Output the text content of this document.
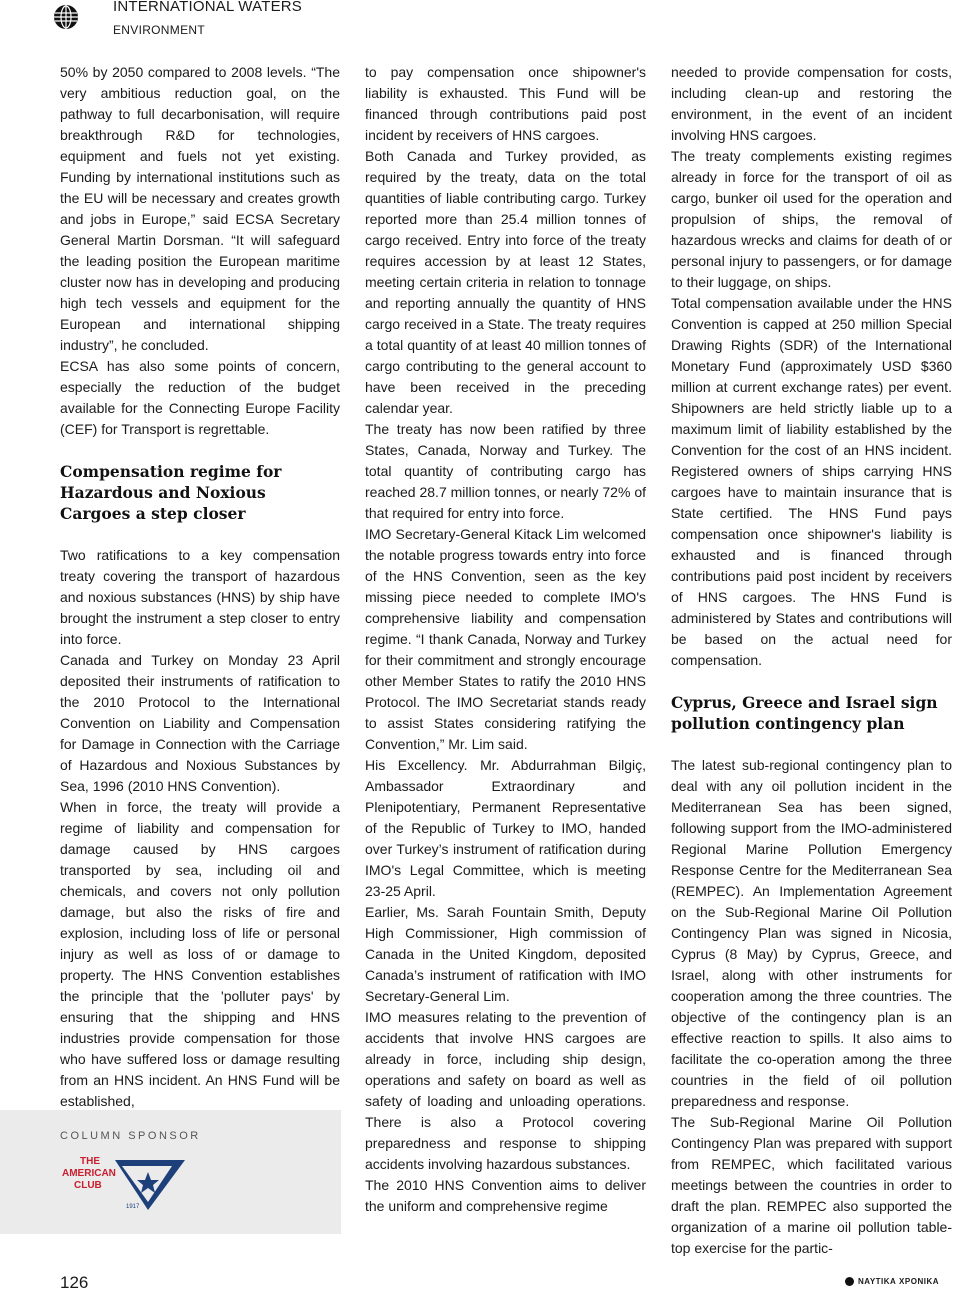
INTERNATIONAL WATERS
ENVIRONMENT

50% by 2050 compared to 2008 levels. “The very ambitious reduction goal, on the pathway to full decarbonisation, will require breakthrough R&D for technologies, equipment and fuels not yet existing. Funding by international institutions such as the EU will be necessary and creates growth and jobs in Europe,” said ECSA Secretary General Martin Dorsman. “It will safeguard the leading position the European maritime cluster now has in developing and producing high tech vessels and equipment for the European and international shipping industry”, he concluded.

ECSA has also some points of concern, especially the reduction of the budget available for the Connecting Europe Facility (CEF) for Transport is regrettable.

Compensation regime for Hazardous and Noxious Cargoes a step closer

Two ratifications to a key compensation treaty covering the transport of hazardous and noxious substances (HNS) by ship have brought the instrument a step closer to entry into force.

Canada and Turkey on Monday 23 April deposited their instruments of ratification to the 2010 Protocol to the International Convention on Liability and Compensation for Damage in Connection with the Carriage of Hazardous and Noxious Substances by Sea, 1996 (2010 HNS Convention).

When in force, the treaty will provide a regime of liability and compensation for damage caused by HNS cargoes transported by sea, including oil and chemicals, and covers not only pollution damage, but also the risks of fire and explosion, including loss of life or personal injury as well as loss of or damage to property. The HNS Convention establishes the principle that the 'polluter pays' by ensuring that the shipping and HNS industries provide compensation for those who have suffered loss or damage resulting from an HNS incident. An HNS Fund will be established,

to pay compensation once shipowner's liability is exhausted. This Fund will be financed through contributions paid post incident by receivers of HNS cargoes.

Both Canada and Turkey provided, as required by the treaty, data on the total quantities of liable contributing cargo. Turkey reported more than 25.4 million tonnes of cargo received. Entry into force of the treaty requires accession by at least 12 States, meeting certain criteria in relation to tonnage and reporting annually the quantity of HNS cargo received in a State. The treaty requires a total quantity of at least 40 million tonnes of cargo contributing to the general account to have been received in the preceding calendar year.

The treaty has now been ratified by three States, Canada, Norway and Turkey. The total quantity of contributing cargo has reached 28.7 million tonnes, or nearly 72% of that required for entry into force.

IMO Secretary-General Kitack Lim welcomed the notable progress towards entry into force of the HNS Convention, seen as the key missing piece needed to complete IMO's comprehensive liability and compensation regime. “I thank Canada, Norway and Turkey for their commitment and strongly encourage other Member States to ratify the 2010 HNS Protocol. The IMO Secretariat stands ready to assist States considering ratifying the Convention,” Mr. Lim said.

His Excellency. Mr. Abdurrahman Bilgiç, Ambassador Extraordinary and Plenipotentiary, Permanent Representative of the Republic of Turkey to IMO, handed over Turkey’s instrument of ratification during IMO's Legal Committee, which is meeting 23-25 April.

Earlier, Ms. Sarah Fountain Smith, Deputy High Commissioner, High commission of Canada in the United Kingdom, deposited Canada’s instrument of ratification with IMO Secretary-General Lim.

IMO measures relating to the prevention of accidents that involve HNS cargoes are already in force, including ship design, operations and safety on board as well as safety of loading and unloading operations. There is also a Protocol covering preparedness and response to shipping accidents involving hazardous substances.

The 2010 HNS Convention aims to deliver the uniform and comprehensive regime

needed to provide compensation for costs, including clean-up and restoring the environment, in the event of an incident involving HNS cargoes.

The treaty complements existing regimes already in force for the transport of oil as cargo, bunker oil used for the operation and propulsion of ships, the removal of hazardous wrecks and claims for death of or personal injury to passengers, or for damage to their luggage, on ships.

Total compensation available under the HNS Convention is capped at 250 million Special Drawing Rights (SDR) of the International Monetary Fund (approximately USD $360 million at current exchange rates) per event. Shipowners are held strictly liable up to a maximum limit of liability established by the Convention for the cost of an HNS incident. Registered owners of ships carrying HNS cargoes have to maintain insurance that is State certified. The HNS Fund pays compensation once shipowner's liability is exhausted and is financed through contributions paid post incident by receivers of HNS cargoes. The HNS Fund is administered by States and contributions will be based on the actual need for compensation.

Cyprus, Greece and Israel sign pollution contingency plan

The latest sub-regional contingency plan to deal with any oil pollution incident in the Mediterranean Sea has been signed, following support from the IMO-administered Regional Marine Pollution Emergency Response Centre for the Mediterranean Sea (REMPEC). An Implementation Agreement on the Sub-Regional Marine Oil Pollution Contingency Plan was signed in Nicosia, Cyprus (8 May) by Cyprus, Greece, and Israel, along with other instruments for cooperation among the three countries. The objective of the contingency plan is an effective reaction to spills. It also aims to facilitate the co-operation among the three countries in the field of oil pollution preparedness and response.

The Sub-Regional Marine Oil Pollution Contingency Plan was prepared with support from REMPEC, which facilitated various meetings between the countries in order to draft the plan. REMPEC also supported the organization of a marine oil pollution table-top exercise for the partic-

COLUMN SPONSOR
THE
AMERICAN
CLUB
1917
126	ΝΑΥΤΙΚΑ ΧΡΟΝΙΚΑ
